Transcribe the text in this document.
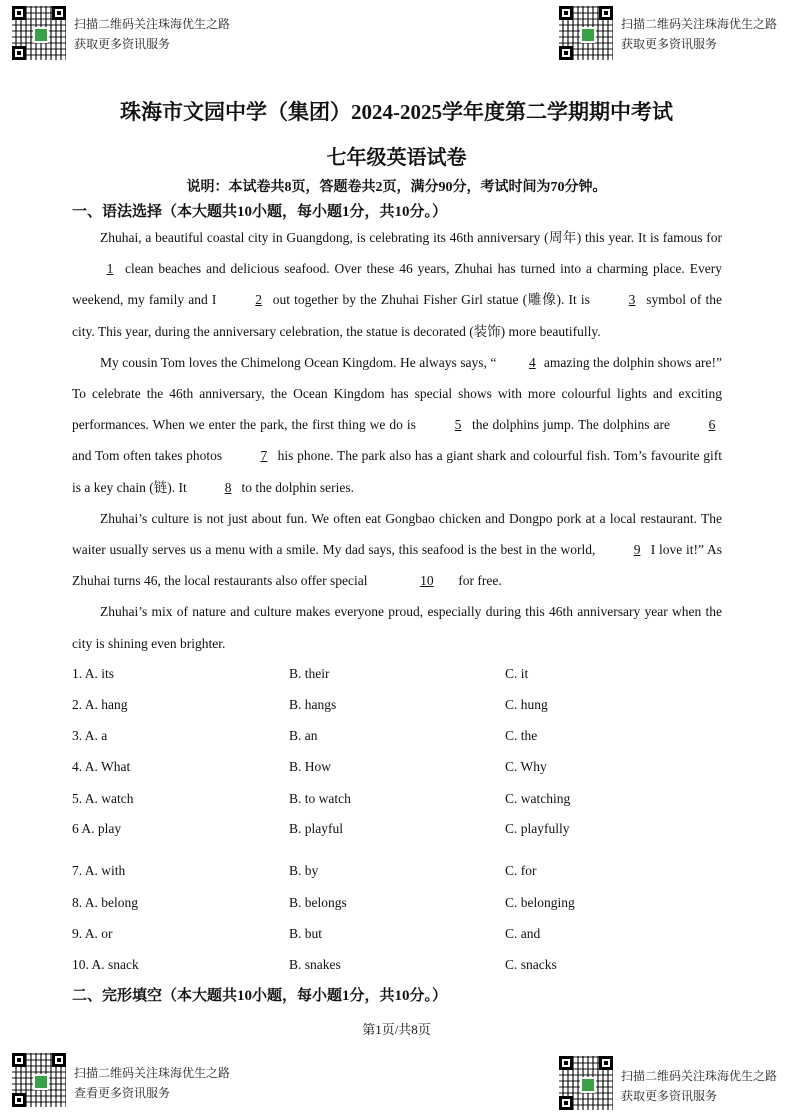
扫描二维码关注珠海优生之路
获取更多资讯服务
扫描二维码关注珠海优生之路
获取更多资讯服务
珠海市文园中学（集团）2024-2025学年度第二学期期中考试
七年级英语试卷
说明：本试卷共8页，答题卷共2页，满分90分，考试时间为70分钟。
一、语法选择（本大题共10小题，每小题1分，共10分。）

Zhuhai, a beautiful coastal city in Guangdong, is celebrating its 46th anniversary (周年) this year. It is famous for 1 clean beaches and delicious seafood. Over these 46 years, Zhuhai has turned into a charming place. Every weekend, my family and I	2 out together by the Zhuhai Fisher Girl statue (雕像). It is	3 symbol of the city. This year, during the anniversary celebration, the statue is decorated (装饰) more beautifully.

My cousin Tom loves the Chimelong Ocean Kingdom. He always says, “ 4 amazing the dolphin shows are!” To celebrate the 46th anniversary, the Ocean Kingdom has special shows with more colourful lights and exciting performances. When we enter the park, the first thing we do is	5 the dolphins jump. The dolphins are	6 and Tom often takes photos	7 his phone. The park also has a giant shark and colourful fish. Tom’s favourite gift is a key chain (链). It	8 to the dolphin series.

Zhuhai’s culture is not just about fun. We often eat Gongbao chicken and Dongpo pork at a local restaurant. The waiter usually serves us a menu with a smile. My dad says, this seafood is the best in the world,	9 I love it!” As Zhuhai turns 46, the local restaurants also offer special	10 for free.

Zhuhai’s mix of nature and culture makes everyone proud, especially during this 46th anniversary year when the city is shining even brighter.

1. A. its	B. their	C. it
2. A. hang	B. hangs	C. hung
3. A. a	B. an	C. the
4. A. What	B. How	C. Why
5. A. watch	B. to watch	C. watching
6 A. play	B. playful	C. playfully
7. A. with	B. by	C. for
8. A. belong	B. belongs	C. belonging
9. A. or	B. but	C. and
10. A. snack	B. snakes	C. snacks
二、完形填空（本大题共10小题，每小题1分，共10分。）
第1页/共8页
扫描二维码关注珠海优生之路
查看更多资讯服务
扫描二维码关注珠海优生之路
获取更多资讯服务
